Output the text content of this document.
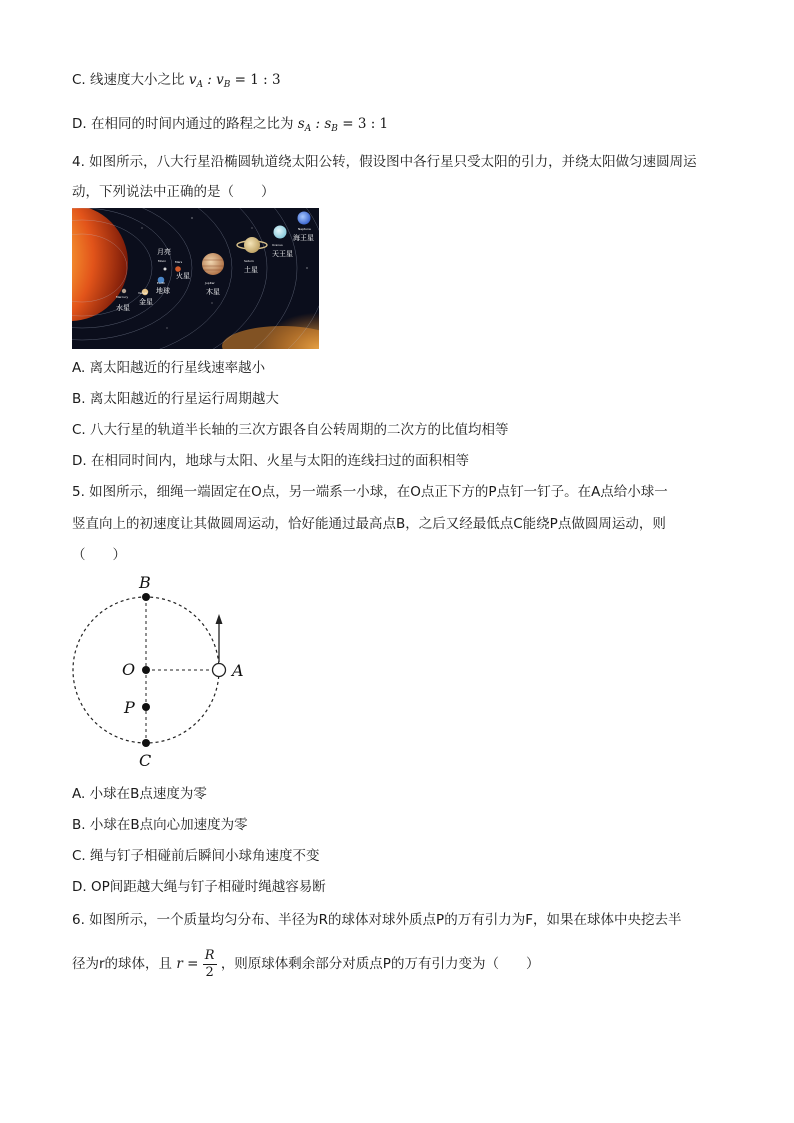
C. 线速度大小之比 $v_A$ : $v_B = 1$ : 3
D. 在相同的时间内通过的路程之比为 $s_A$ : $s_B = 3$ : 1
4. 如图所示，八大行星沿椭圆轨道绕太阳公转，假设图中各行星只受太阳的引力，并绕太阳做匀速圆周运
动，下列说法中正确的是（　　）
Mercury
水星
Venus
金星
Earth
地球
月亮
Moon	Mars
火星
Jupiter
木星
Saturn
土星
Uranus
天王星
Neptune
海王星
A. 离太阳越近的行星线速率越小
B. 离太阳越近的行星运行周期越大
C. 八大行星的轨道半长轴的三次方跟各自公转周期的二次方的比值均相等
D. 在相同时间内，地球与太阳、火星与太阳的连线扫过的面积相等
5. 如图所示，细绳一端固定在O点，另一端系一小球，在O点正下方的P点钉一钉子。在A点给小球一
竖直向上的初速度让其做圆周运动，恰好能通过最高点B，之后又经最低点C能绕P点做圆周运动，则
（　　）
B
O	A
P
C
A. 小球在B点速度为零
B. 小球在B点向心加速度为零
C. 绳与钉子相碰前后瞬间小球角速度不变
D. OP间距越大绳与钉子相碰时绳越容易断
6. 如图所示，一个质量均匀分布、半径为R的球体对球外质点P的万有引力为F，如果在球体中央挖去半
径为r的球体，且 $r = \frac{R}{2}$ ，则原球体剩余部分对质点P的万有引力变为（　　）
